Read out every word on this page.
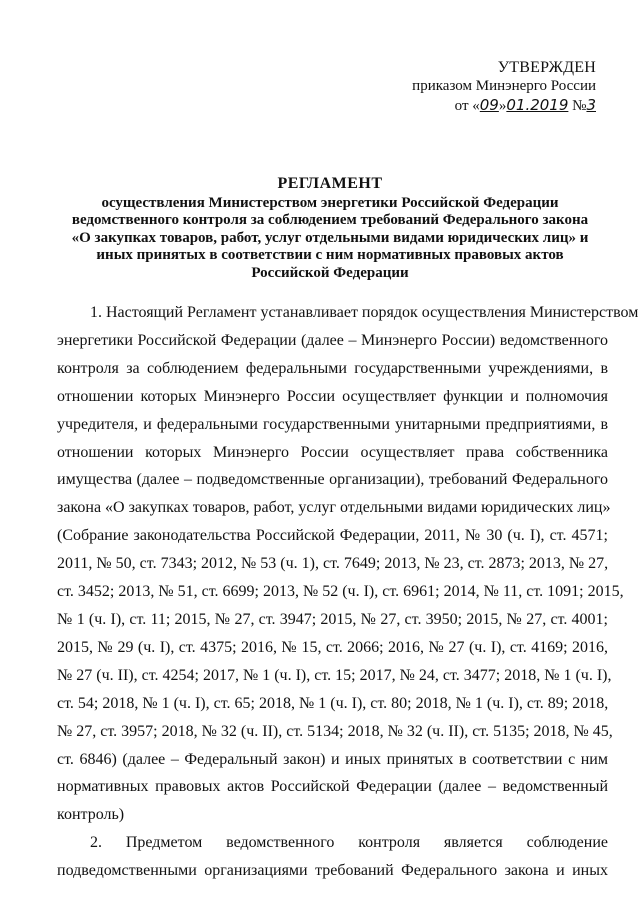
УТВЕРЖДЕН
приказом Минэнерго России
от «09»01.2019 №3
РЕГЛАМЕНТ
осуществления Министерством энергетики Российской Федерации
ведомственного контроля за соблюдением требований Федерального закона
«О закупках товаров, работ, услуг отдельными видами юридических лиц» и
иных принятых в соответствии с ним нормативных правовых актов
Российской Федерации
1. Настоящий Регламент устанавливает порядок осуществления Министерством
энергетики Российской Федерации (далее – Минэнерго России) ведомственного
контроля за соблюдением федеральными государственными учреждениями, в
отношении которых Минэнерго России осуществляет функции и полномочия
учредителя, и федеральными государственными унитарными предприятиями, в
отношении которых Минэнерго России осуществляет права собственника
имущества (далее – подведомственные организации), требований Федерального
закона «О закупках товаров, работ, услуг отдельными видами юридических лиц»
(Собрание законодательства Российской Федерации, 2011, № 30 (ч. I), ст. 4571;
2011, № 50, ст. 7343; 2012, № 53 (ч. 1), ст. 7649; 2013, № 23, ст. 2873; 2013, № 27,
ст. 3452; 2013, № 51, ст. 6699; 2013, № 52 (ч. I), ст. 6961; 2014, № 11, ст. 1091; 2015,
№ 1 (ч. I), ст. 11; 2015, № 27, ст. 3947; 2015, № 27, ст. 3950; 2015, № 27, ст. 4001;
2015, № 29 (ч. I), ст. 4375; 2016, № 15, ст. 2066; 2016, № 27 (ч. I), ст. 4169; 2016,
№ 27 (ч. II), ст. 4254; 2017, № 1 (ч. I), ст. 15; 2017, № 24, ст. 3477; 2018, № 1 (ч. I),
ст. 54; 2018, № 1 (ч. I), ст. 65; 2018, № 1 (ч. I), ст. 80; 2018, № 1 (ч. I), ст. 89; 2018,
№ 27, ст. 3957; 2018, № 32 (ч. II), ст. 5134; 2018, № 32 (ч. II), ст. 5135; 2018, № 45,
ст. 6846) (далее – Федеральный закон) и иных принятых в соответствии с ним
нормативных правовых актов Российской Федерации (далее – ведомственный
контроль)
2. Предметом ведомственного контроля является соблюдение
подведомственными организациями требований Федерального закона и иных
